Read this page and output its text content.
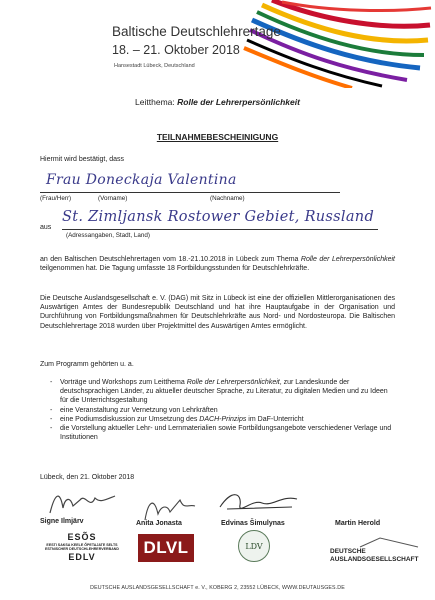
Baltische Deutschlehrertage
18. – 21. Oktober 2018
Hansestadt Lübeck, Deutschland
Leitthema: Rolle der Lehrerpersönlichkeit
TEILNAHMEBESCHEINIGUNG
Hiermit wird bestätigt, dass
Frau Doneckaja Valentina
(Frau/Herr)	(Vorname)	(Nachname)
aus
St. Zimljansk Rostower Gebiet, Russland
(Adressangaben, Stadt, Land)
an den Baltischen Deutschlehrertagen vom 18.-21.10.2018 in Lübeck zum Thema Rolle der Lehrerpersönlichkeit teilgenommen hat. Die Tagung umfasste 18 Fortbildungsstunden für Deutschlehrkräfte.
Die Deutsche Auslandsgesellschaft e. V. (DAG) mit Sitz in Lübeck ist eine der offiziellen Mittlerorganisationen des Auswärtigen Amtes der Bundesrepublik Deutschland und hat ihre Hauptaufgabe in der Organisation und Durchführung von Fortbildungsmaßnahmen für Deutschlehrkräfte aus Nord- und Nordosteuropa. Die Baltischen Deutschlehrertage 2018 wurden über Projektmittel des Auswärtigen Amtes ermöglicht.
Zum Programm gehörten u. a.
- Vorträge und Workshops zum Leitthema Rolle der Lehrerpersönlichkeit, zur Landeskunde der deutschsprachigen Länder, zu aktueller deutscher Sprache, zu Literatur, zu digitalen Medien und zu Ideen für die Unterrichtsgestaltung
- eine Veranstaltung zur Vernetzung von Lehrkräften
- eine Podiumsdiskussion zur Umsetzung des DACH-Prinzips im DaF-Unterricht
- die Vorstellung aktueller Lehr- und Lernmaterialien sowie Fortbildungsangebote verschiedener Verlage und Institutionen
Lübeck, den 21. Oktober 2018
Signe Ilmjärv	Anita Jonasta	Edvinas Šimulynas	Martin Herold
ESÕS
EESTI SAKSA KEELE ÕPETAJATE SELTS
ESTNISCHER DEUTSCHLEHRERVERBAND
EDLV	DLVL	LDV
DEUTSCHE
AUSLANDSGESELLSCHAFT
DEUTSCHE AUSLANDSGESELLSCHAFT e. V., KOBERG 2, 23552 LÜBECK, WWW.DEUTAUSGES.DE
